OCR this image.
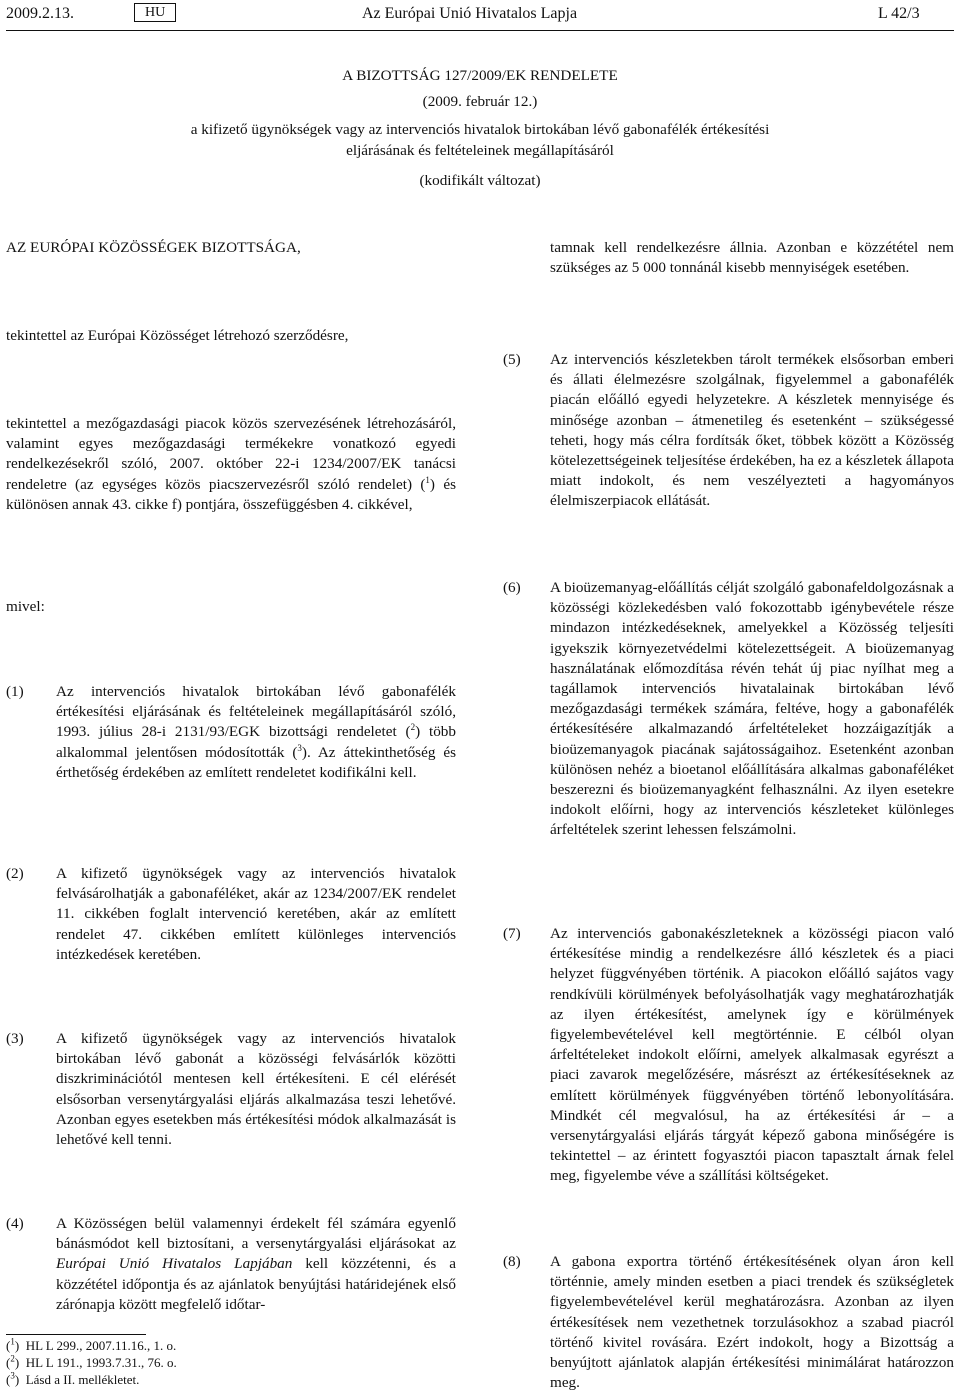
2009.2.13.	HU	Az Európai Unió Hivatalos Lapja	L 42/3

A BIZOTTSÁG 127/2009/EK RENDELETE

(2009. február 12.)

a kifizető ügynökségek vagy az intervenciós hivatalok birtokában lévő gabonafélék értékesítési

eljárásának és feltételeinek megállapításáról

(kodifikált változat)

AZ EURÓPAI KÖZÖSSÉGEK BIZOTTSÁGA,

tekintettel az Európai Közösséget létrehozó szerződésre,

tekintettel a mezőgazdasági piacok közös szervezésének létrehozásáról, valamint egyes mezőgazdasági termékekre vonatkozó egyedi rendelkezésekről szóló, 2007. október 22-i 1234/2007/EK tanácsi rendeletre (az egységes közös piacszervezésről szóló rendelet) ($^1$) és különösen annak 43. cikke f) pontjára, összefüggésben 4. cikkével,

mivel:

(1) Az intervenciós hivatalok birtokában lévő gabonafélék értékesítési eljárásának és feltételeinek megállapításáról szóló, 1993. július 28-i 2131/93/EGK bizottsági rendeletet ($^2$) több alkalommal jelentősen módosították ($^3$). Az áttekinthetőség és érthetőség érdekében az említett rendeletet kodifikálni kell.

(2) A kifizető ügynökségek vagy az intervenciós hivatalok felvásárolhatják a gabonaféléket, akár az 1234/2007/EK rendelet 11. cikkében foglalt intervenció keretében, akár az említett rendelet 47. cikkében említett különleges intervenciós intézkedések keretében.

(3) A kifizető ügynökségek vagy az intervenciós hivatalok birtokában lévő gabonát a közösségi felvásárlók közötti diszkriminációtól mentesen kell értékesíteni. E cél elérését elsősorban versenytárgyalási eljárás alkalmazása teszi lehetővé. Azonban egyes esetekben más értékesítési módok alkalmazását is lehetővé kell tenni.

(4) A Közösségen belül valamennyi érdekelt fél számára egyenlő bánásmódot kell biztosítani, a versenytárgyalási eljárásokat az Európai Unió Hivatalos Lapjában kell közzétenni, és a közzététel időpontja és az ajánlatok benyújtási határidejének első zárónapja között megfelelő időtar-

($^1$)  HL L 299., 2007.11.16., 1. o.
($^2$)  HL L 191., 1993.7.31., 76. o.
($^3$)  Lásd a II. mellékletet.

tamnak kell rendelkezésre állnia. Azonban e közzététel nem szükséges az 5 000 tonnánál kisebb mennyiségek esetében.

(5) Az intervenciós készletekben tárolt termékek elsősorban emberi és állati élelmezésre szolgálnak, figyelemmel a gabonafélék piacán előálló egyedi helyzetekre. A készletek mennyisége és minősége azonban – átmenetileg és esetenként – szükségessé teheti, hogy más célra fordítsák őket, többek között a Közösség kötelezettségeinek teljesítése érdekében, ha ez a készletek állapota miatt indokolt, és nem veszélyezteti a hagyományos élelmiszerpiacok ellátását.

(6) A bioüzemanyag-előállítás célját szolgáló gabonafeldolgozásnak a közösségi közlekedésben való fokozottabb igénybevétele része mindazon intézkedéseknek, amelyekkel a Közösség teljesíti igyekszik környezetvédelmi kötelezettségeit. A bioüzemanyag használatának előmozdítása révén tehát új piac nyílhat meg a tagállamok intervenciós hivatalainak birtokában lévő mezőgazdasági termékek számára, feltéve, hogy a gabonafélék értékesítésére alkalmazandó árfeltételeket hozzáigazítják a bioüzemanyagok piacának sajátosságaihoz. Esetenként azonban különösen nehéz a bioetanol előállítására alkalmas gabonaféléket beszerezni és bioüzemanyagként felhasználni. Az ilyen esetekre indokolt előírni, hogy az intervenciós készleteket különleges árfeltételek szerint lehessen felszámolni.

(7) Az intervenciós gabonakészleteknek a közösségi piacon való értékesítése mindig a rendelkezésre álló készletek és a piaci helyzet függvényében történik. A piacokon előálló sajátos vagy rendkívüli körülmények befolyásolhatják vagy meghatározhatják az ilyen értékesítést, amelynek így e körülmények figyelembevételével kell megtörténnie. E célból olyan árfeltételeket indokolt előírni, amelyek alkalmasak egyrészt a piaci zavarok megelőzésére, másrészt az értékesítéseknek az említett körülmények függvényében történő lebonyolítására. Mindkét cél megvalósul, ha az értékesítési ár – a versenytárgyalási eljárás tárgyát képező gabona minőségére is tekintettel – az érintett fogyasztói piacon tapasztalt árnak felel meg, figyelembe véve a szállítási költségeket.

(8) A gabona exportra történő értékesítésének olyan áron kell történnie, amely minden esetben a piaci trendek és szükségletek figyelembevételével kerül meghatározásra. Azonban az ilyen értékesítések nem vezethetnek torzulásokhoz a szabad piacról történő kivitel rovására. Ezért indokolt, hogy a Bizottság a benyújtott ajánlatok alapján értékesítési minimálárat határozzon meg.
